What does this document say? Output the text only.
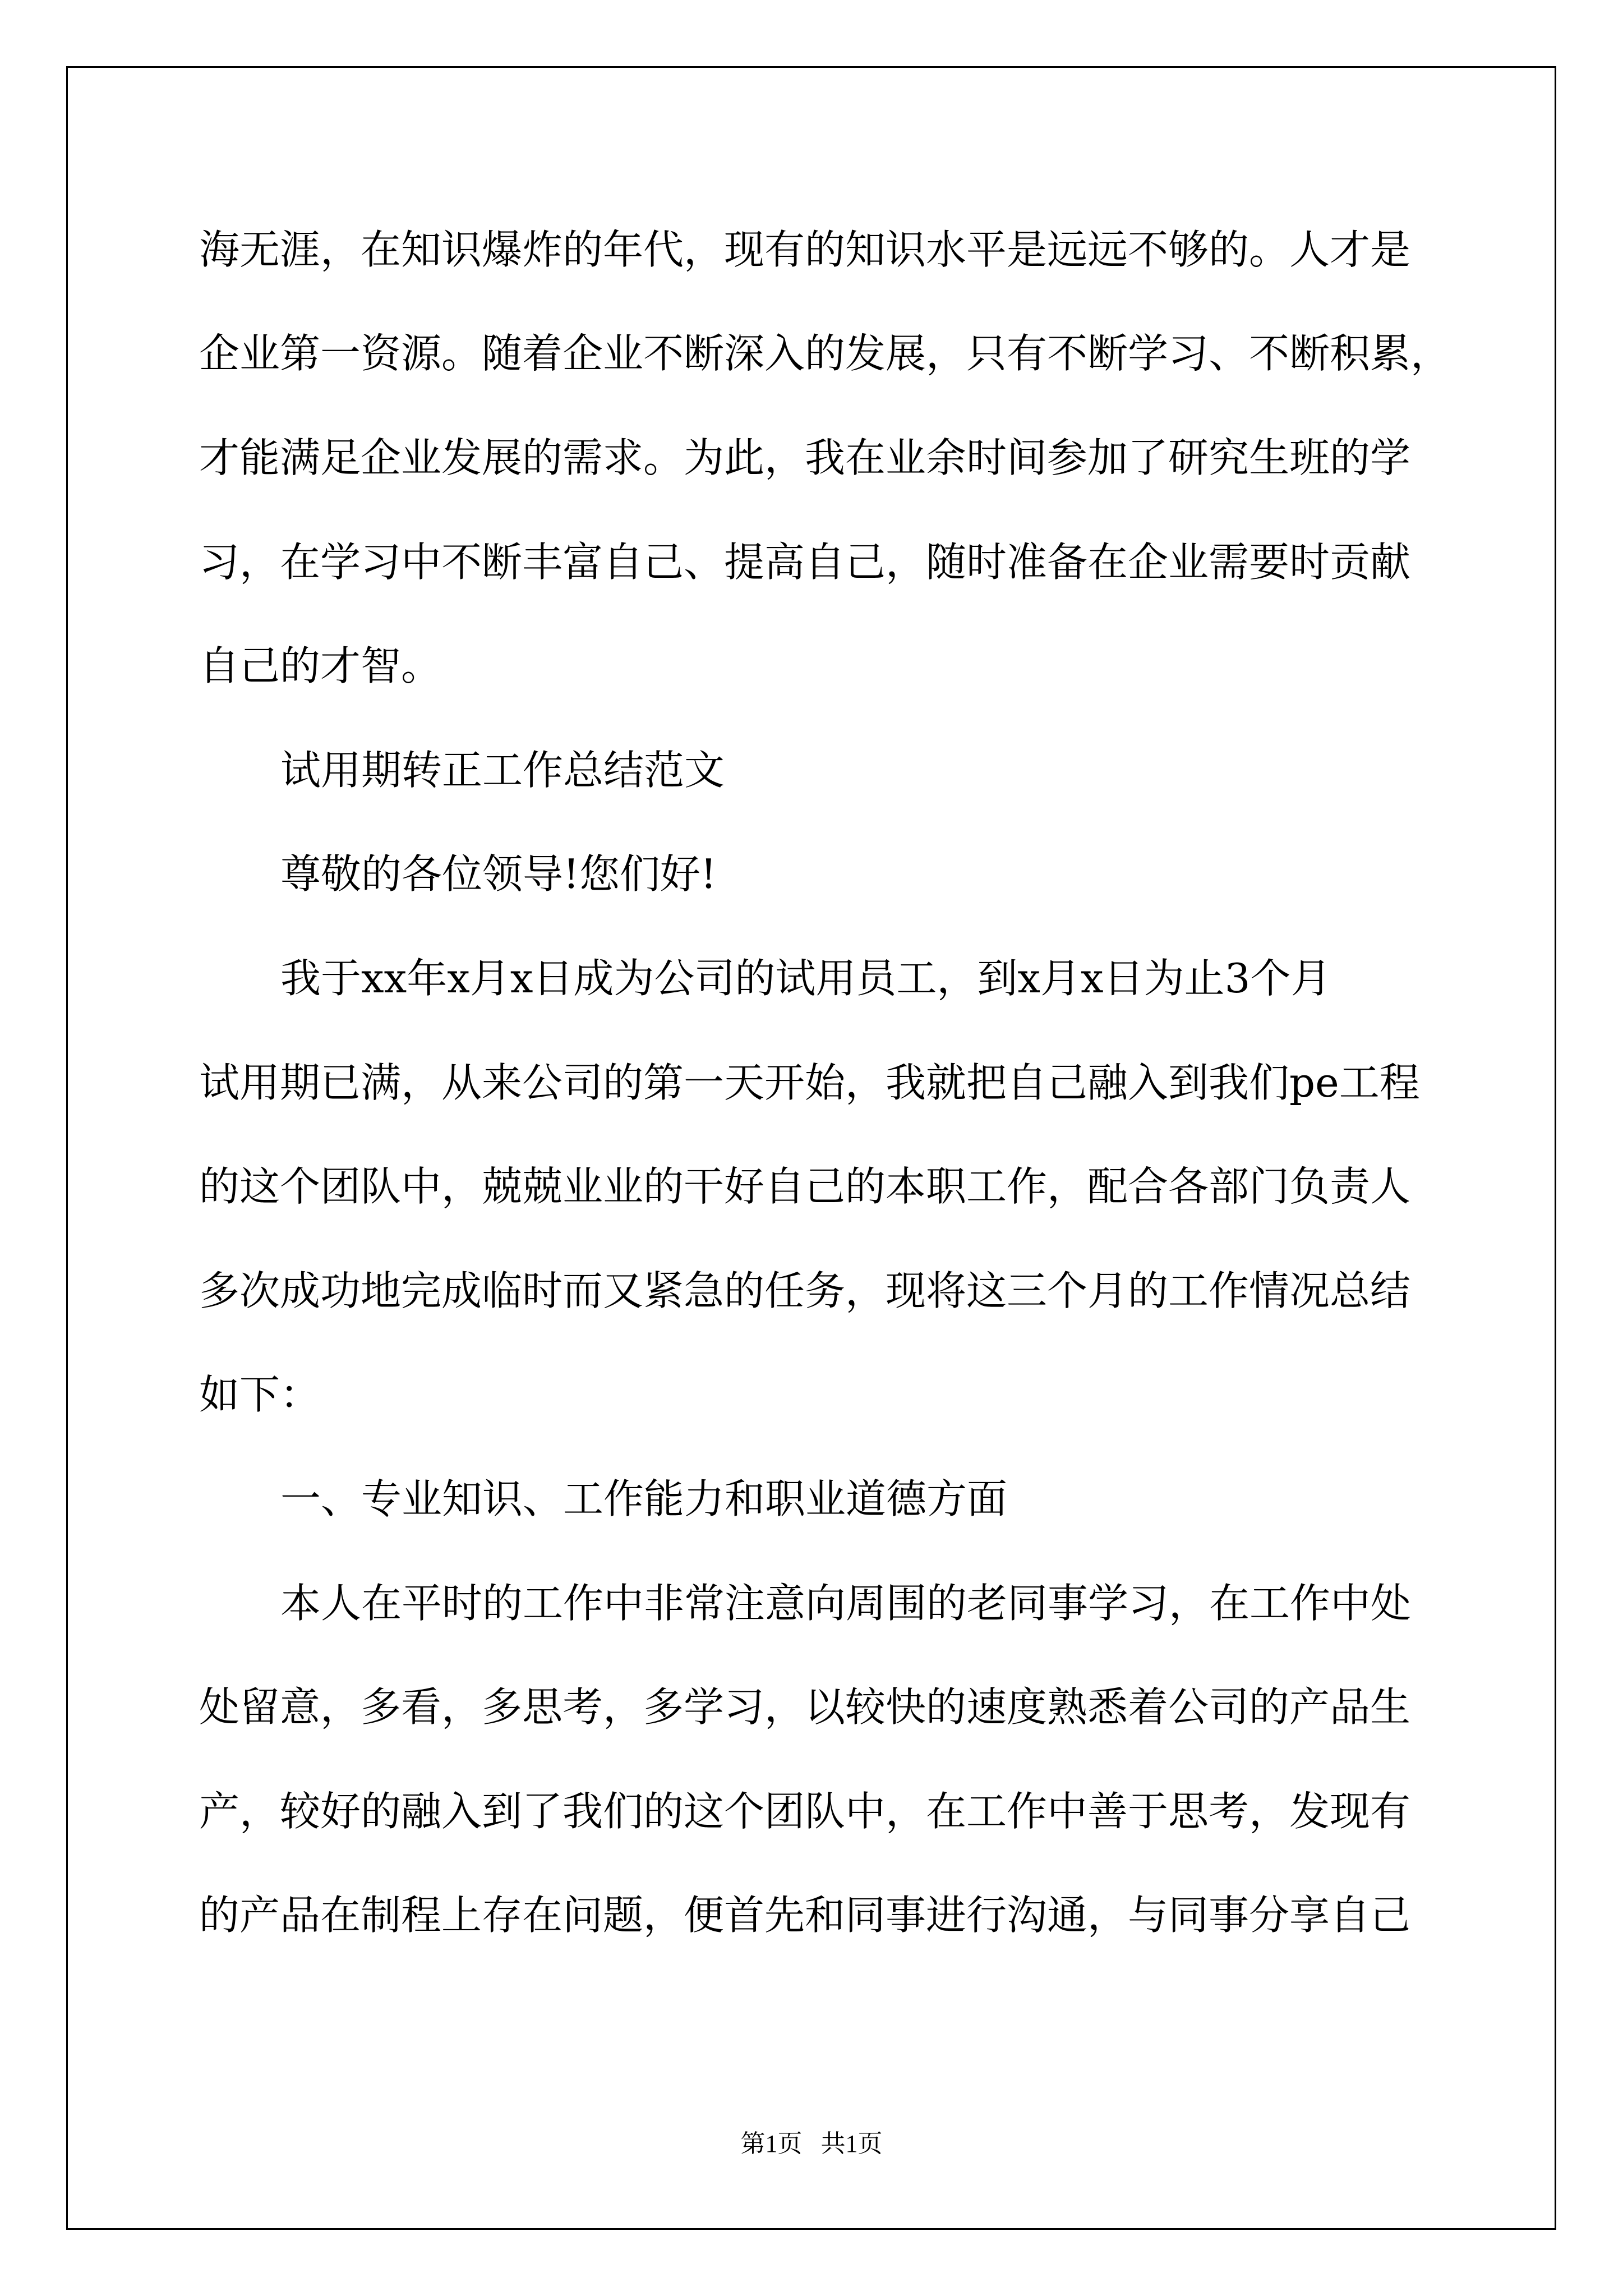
海无涯，在知识爆炸的年代，现有的知识水平是远远不够的。人才是

企业第一资源。随着企业不断深入的发展，只有不断学习、不断积累，

才能满足企业发展的需求。为此，我在业余时间参加了研究生班的学

习，在学习中不断丰富自己、提高自己，随时准备在企业需要时贡献

自己的才智。

试用期转正工作总结范文

尊敬的各位领导!您们好!

我于xx年x月x日成为公司的试用员工，到x月x日为止3个月

试用期已满，从来公司的第一天开始，我就把自己融入到我们pe工程

的这个团队中，兢兢业业的干好自己的本职工作，配合各部门负责人

多次成功地完成临时而又紧急的任务，现将这三个月的工作情况总结

如下：

一、专业知识、工作能力和职业道德方面

本人在平时的工作中非常注意向周围的老同事学习，在工作中处

处留意，多看，多思考，多学习，以较快的速度熟悉着公司的产品生

产，较好的融入到了我们的这个团队中，在工作中善于思考，发现有

的产品在制程上存在问题，便首先和同事进行沟通，与同事分享自己

第1页   共1页
